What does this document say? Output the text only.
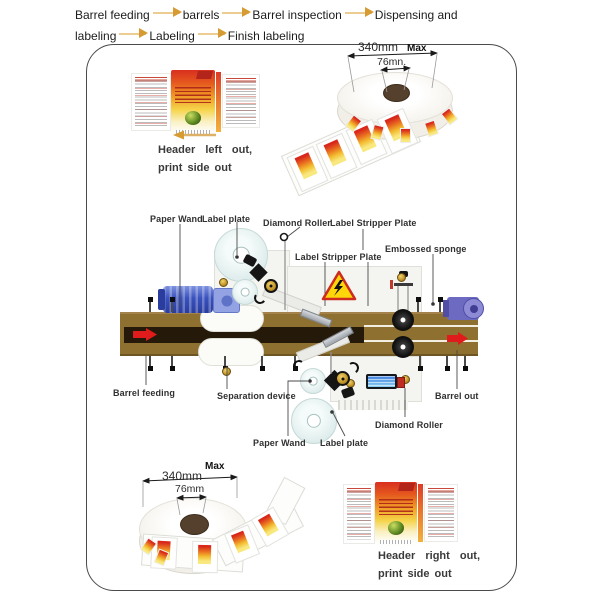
Barrel feeding	barrels	Barrel inspection	Dispensing and labeling	Labeling	Finish labeling
Header left out,
print side out
340mm Max
76mn.
Paper Wand Label plate Diamond Roller Label Stripper Plate
Label Stripper Plate
Embossed sponge
Barrel feeding	Separation device	Barrel out
Diamond Roller
Paper Wand Label plate
Max
340mm
76mm
Header right out,
print side out
